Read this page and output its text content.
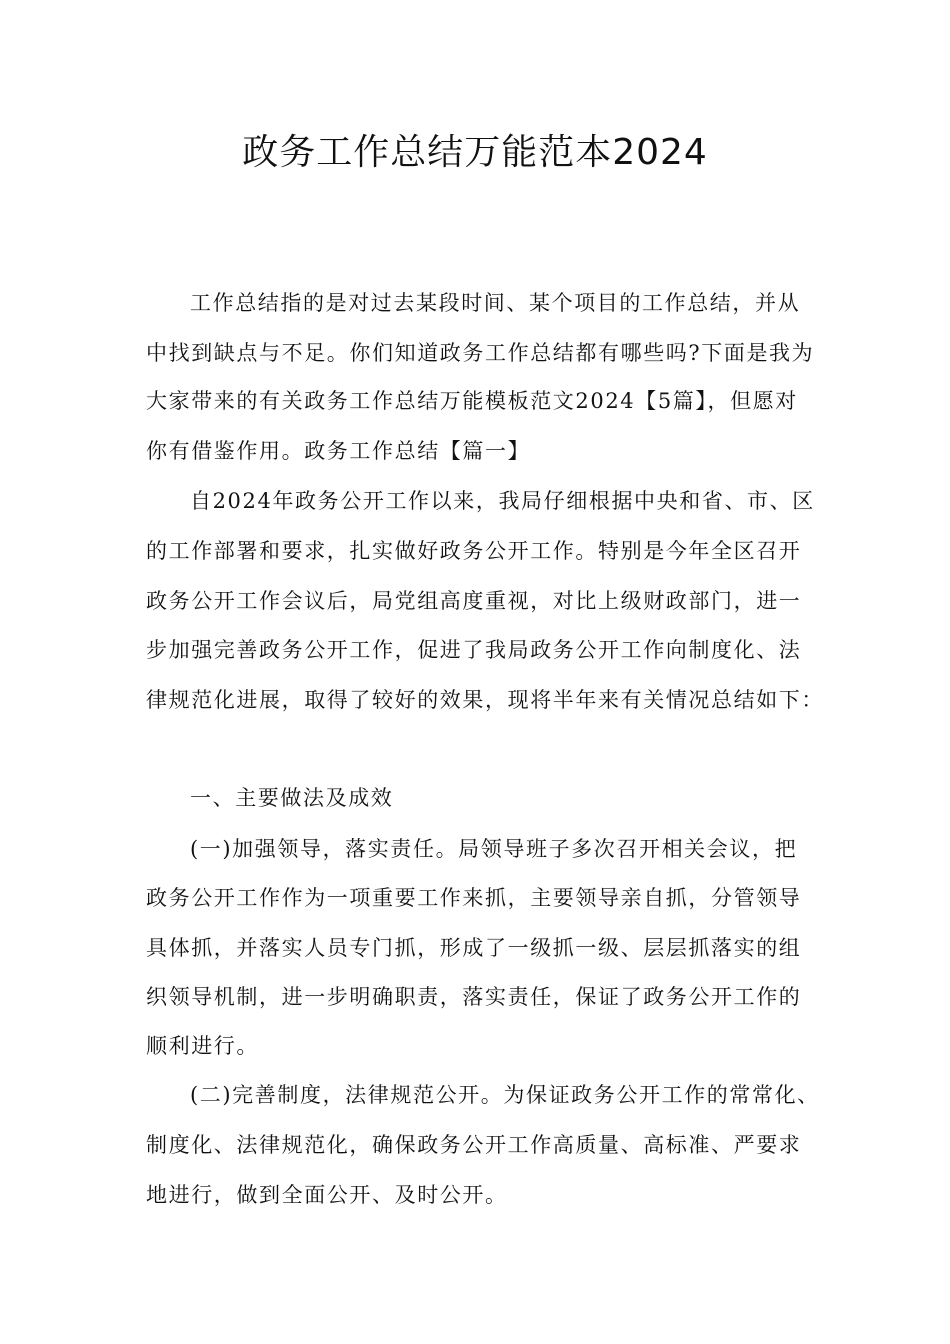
政务工作总结万能范本2024
工作总结指的是对过去某段时间、某个项目的工作总结，并从
中找到缺点与不足。你们知道政务工作总结都有哪些吗?下面是我为
大家带来的有关政务工作总结万能模板范文2024【5篇】，但愿对
你有借鉴作用。政务工作总结【篇一】
自2024年政务公开工作以来，我局仔细根据中央和省、市、区
的工作部署和要求，扎实做好政务公开工作。特别是今年全区召开
政务公开工作会议后，局党组高度重视，对比上级财政部门，进一
步加强完善政务公开工作，促进了我局政务公开工作向制度化、法
律规范化进展，取得了较好的效果，现将半年来有关情况总结如下：
一、主要做法及成效
(一)加强领导，落实责任。局领导班子多次召开相关会议，把
政务公开工作作为一项重要工作来抓，主要领导亲自抓，分管领导
具体抓，并落实人员专门抓，形成了一级抓一级、层层抓落实的组
织领导机制，进一步明确职责，落实责任，保证了政务公开工作的
顺利进行。
(二)完善制度，法律规范公开。为保证政务公开工作的常常化、
制度化、法律规范化，确保政务公开工作高质量、高标准、严要求
地进行，做到全面公开、及时公开。
